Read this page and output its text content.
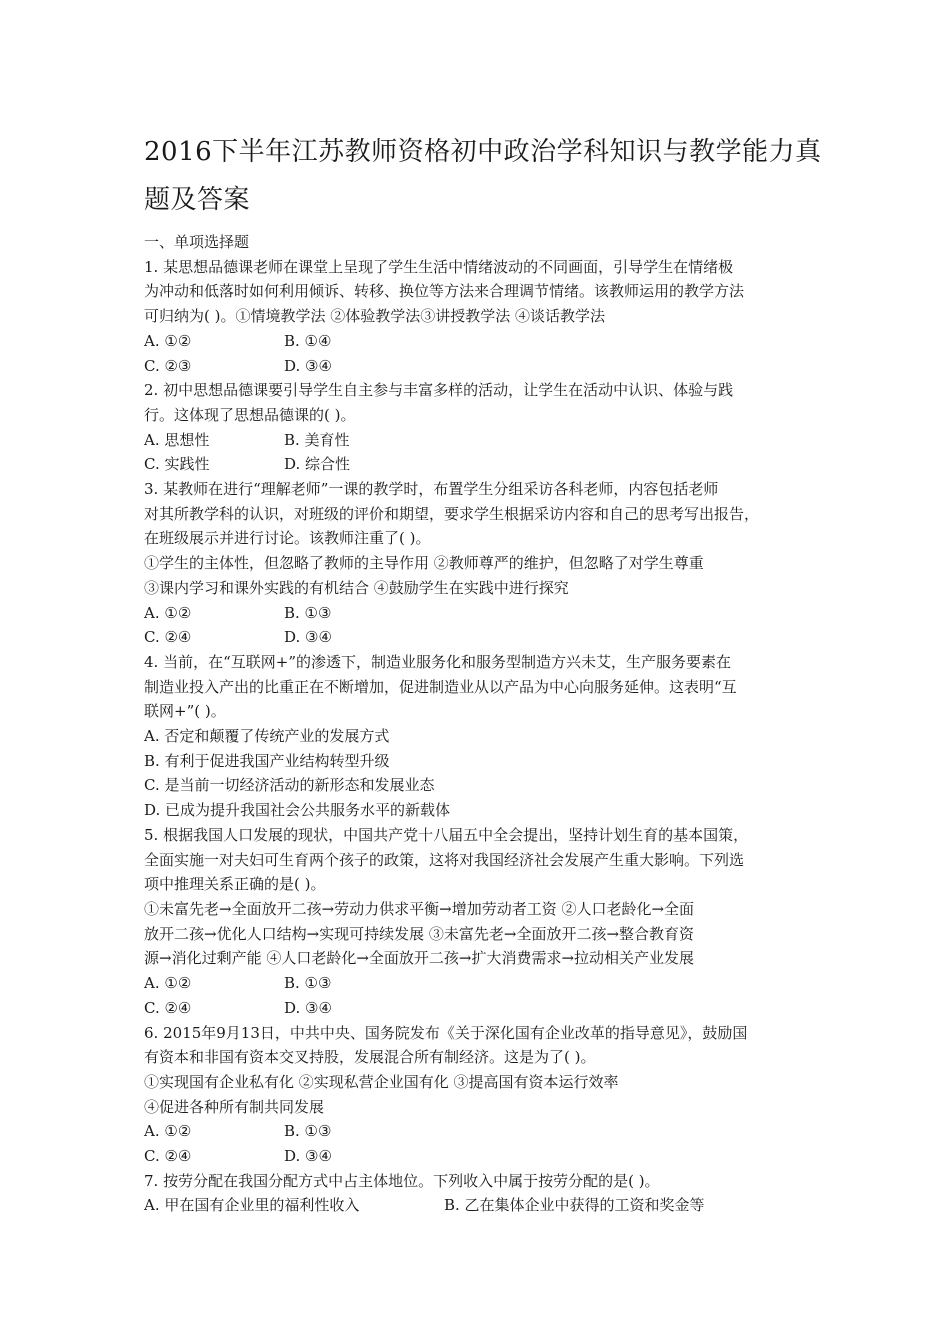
2016下半年江苏教师资格初中政治学科知识与教学能力真
题及答案
一、单项选择题
1. 某思想品德课老师在课堂上呈现了学生生活中情绪波动的不同画面，引导学生在情绪极
为冲动和低落时如何利用倾诉、转移、换位等方法来合理调节情绪。该教师运用的教学方法
可归纳为( )。①情境教学法 ②体验教学法③讲授教学法 ④谈话教学法
A. ①②	B. ①④
C. ②③	D. ③④
2. 初中思想品德课要引导学生自主参与丰富多样的活动，让学生在活动中认识、体验与践
行。这体现了思想品德课的( )。
A. 思想性	B. 美育性
C. 实践性	D. 综合性
3. 某教师在进行“理解老师”一课的教学时，布置学生分组采访各科老师，内容包括老师
对其所教学科的认识，对班级的评价和期望，要求学生根据采访内容和自己的思考写出报告，
在班级展示并进行讨论。该教师注重了( )。
①学生的主体性，但忽略了教师的主导作用 ②教师尊严的维护，但忽略了对学生尊重
③课内学习和课外实践的有机结合 ④鼓励学生在实践中进行探究
A. ①②	B. ①③
C. ②④	D. ③④
4. 当前，在“互联网+”的渗透下，制造业服务化和服务型制造方兴未艾，生产服务要素在
制造业投入产出的比重正在不断增加，促进制造业从以产品为中心向服务延伸。这表明“互
联网+”( )。
A. 否定和颠覆了传统产业的发展方式
B. 有利于促进我国产业结构转型升级
C. 是当前一切经济活动的新形态和发展业态
D. 已成为提升我国社会公共服务水平的新载体
5. 根据我国人口发展的现状，中国共产党十八届五中全会提出，坚持计划生育的基本国策，
全面实施一对夫妇可生育两个孩子的政策，这将对我国经济社会发展产生重大影响。下列选
项中推理关系正确的是( )。
①未富先老→全面放开二孩→劳动力供求平衡→增加劳动者工资 ②人口老龄化→全面
放开二孩→优化人口结构→实现可持续发展 ③未富先老→全面放开二孩→整合教育资
源→消化过剩产能 ④人口老龄化→全面放开二孩→扩大消费需求→拉动相关产业发展
A. ①②	B. ①③
C. ②④	D. ③④
6. 2015年9月13日，中共中央、国务院发布《关于深化国有企业改革的指导意见》，鼓励国
有资本和非国有资本交叉持股，发展混合所有制经济。这是为了( )。
①实现国有企业私有化 ②实现私营企业国有化 ③提高国有资本运行效率
④促进各种所有制共同发展
A. ①②	B. ①③
C. ②④	D. ③④
7. 按劳分配在我国分配方式中占主体地位。下列收入中属于按劳分配的是( )。
A. 甲在国有企业里的福利性收入	B. 乙在集体企业中获得的工资和奖金等
